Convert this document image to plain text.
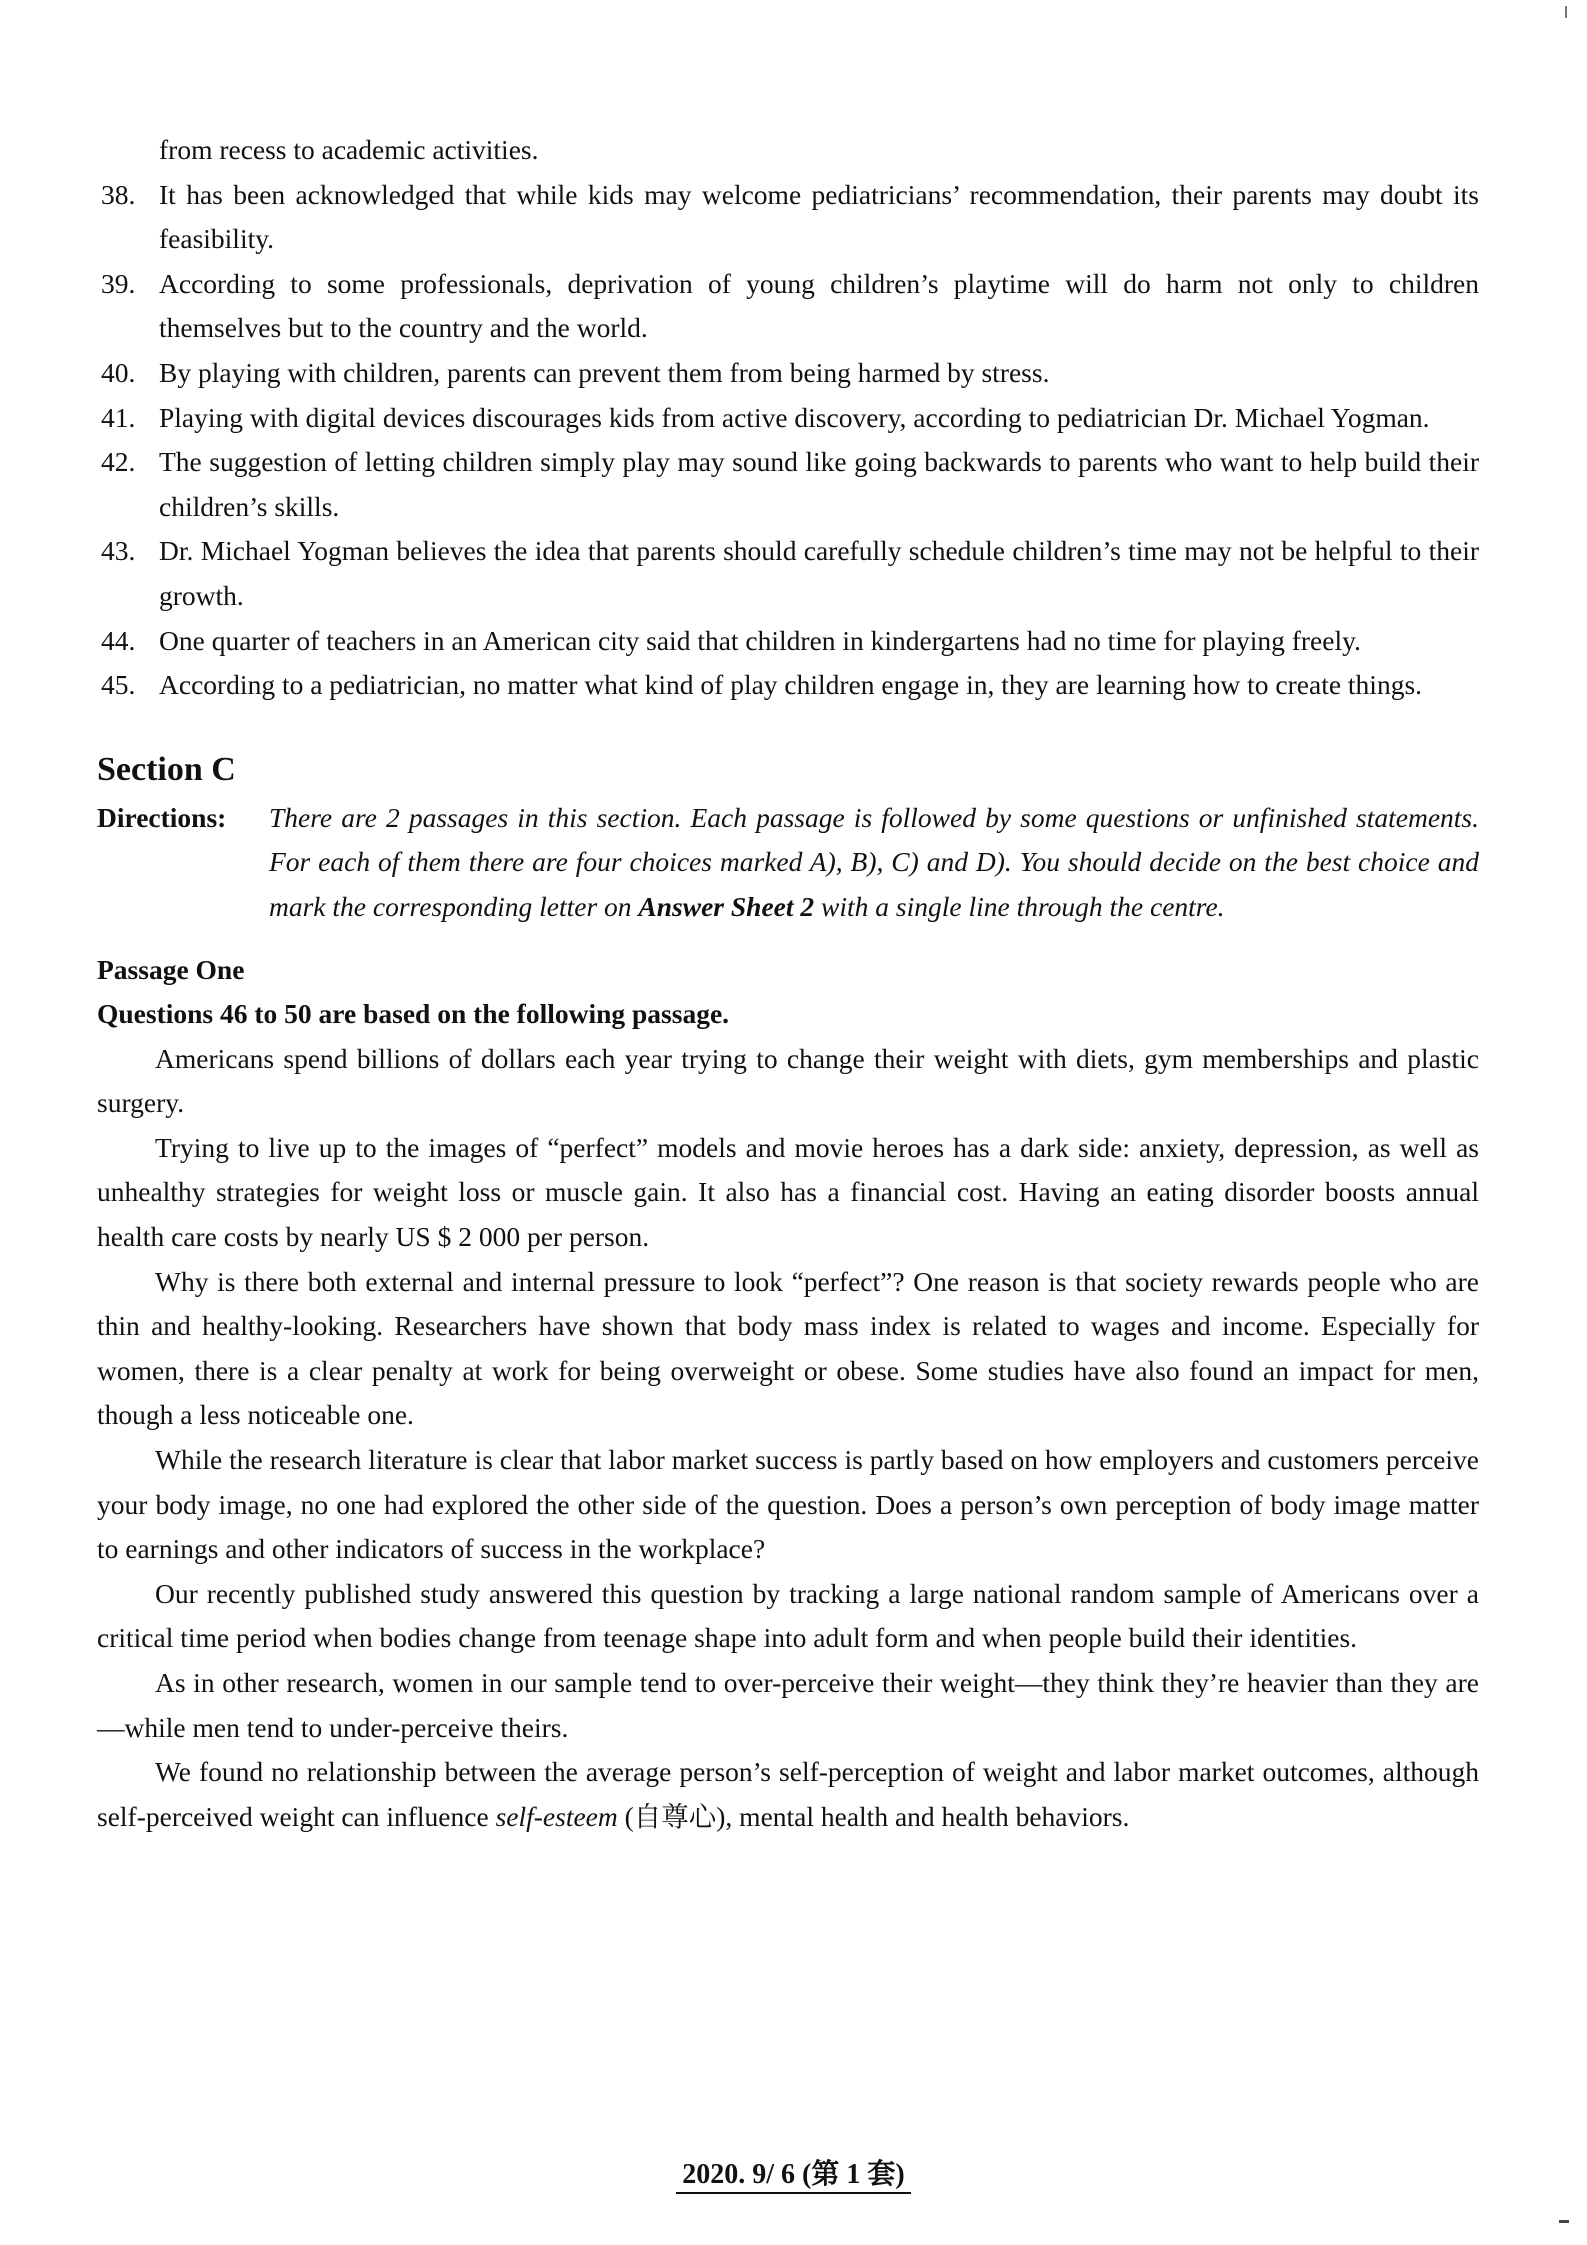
from recess to academic activities.
38. It has been acknowledged that while kids may welcome pediatricians’ recommendation, their parents may doubt its feasibility.
39. According to some professionals, deprivation of young children’s playtime will do harm not only to children themselves but to the country and the world.
40. By playing with children, parents can prevent them from being harmed by stress.
41. Playing with digital devices discourages kids from active discovery, according to pediatrician Dr. Michael Yogman.
42. The suggestion of letting children simply play may sound like going backwards to parents who want to help build their children’s skills.
43. Dr. Michael Yogman believes the idea that parents should carefully schedule children’s time may not be helpful to their growth.
44. One quarter of teachers in an American city said that children in kindergartens had no time for playing freely.
45. According to a pediatrician, no matter what kind of play children engage in, they are learning how to create things.
Section C
Directions:	There are 2 passages in this section. Each passage is followed by some questions or unfinished statements. For each of them there are four choices marked A), B), C) and D). You should decide on the best choice and mark the corresponding letter on Answer Sheet 2 with a single line through the centre.
Passage One
Questions 46 to 50 are based on the following passage.

Americans spend billions of dollars each year trying to change their weight with diets, gym memberships and plastic surgery.

Trying to live up to the images of “perfect” models and movie heroes has a dark side: anxiety, depression, as well as unhealthy strategies for weight loss or muscle gain. It also has a financial cost. Having an eating disorder boosts annual health care costs by nearly US $ 2 000 per person.

Why is there both external and internal pressure to look “perfect”? One reason is that society rewards people who are thin and healthy-looking. Researchers have shown that body mass index is related to wages and income. Especially for women, there is a clear penalty at work for being overweight or obese. Some studies have also found an impact for men, though a less noticeable one.

While the research literature is clear that labor market success is partly based on how employers and customers perceive your body image, no one had explored the other side of the question. Does a person’s own perception of body image matter to earnings and other indicators of success in the workplace?

Our recently published study answered this question by tracking a large national random sample of Americans over a critical time period when bodies change from teenage shape into adult form and when people build their identities.

As in other research, women in our sample tend to over-perceive their weight—they think they’re heavier than they are—while men tend to under-perceive theirs.

We found no relationship between the average person’s self-perception of weight and labor market outcomes, although self-perceived weight can influence self-esteem (自尊心), mental health and health behaviors.

2020. 9/ 6 (第 1 套)
